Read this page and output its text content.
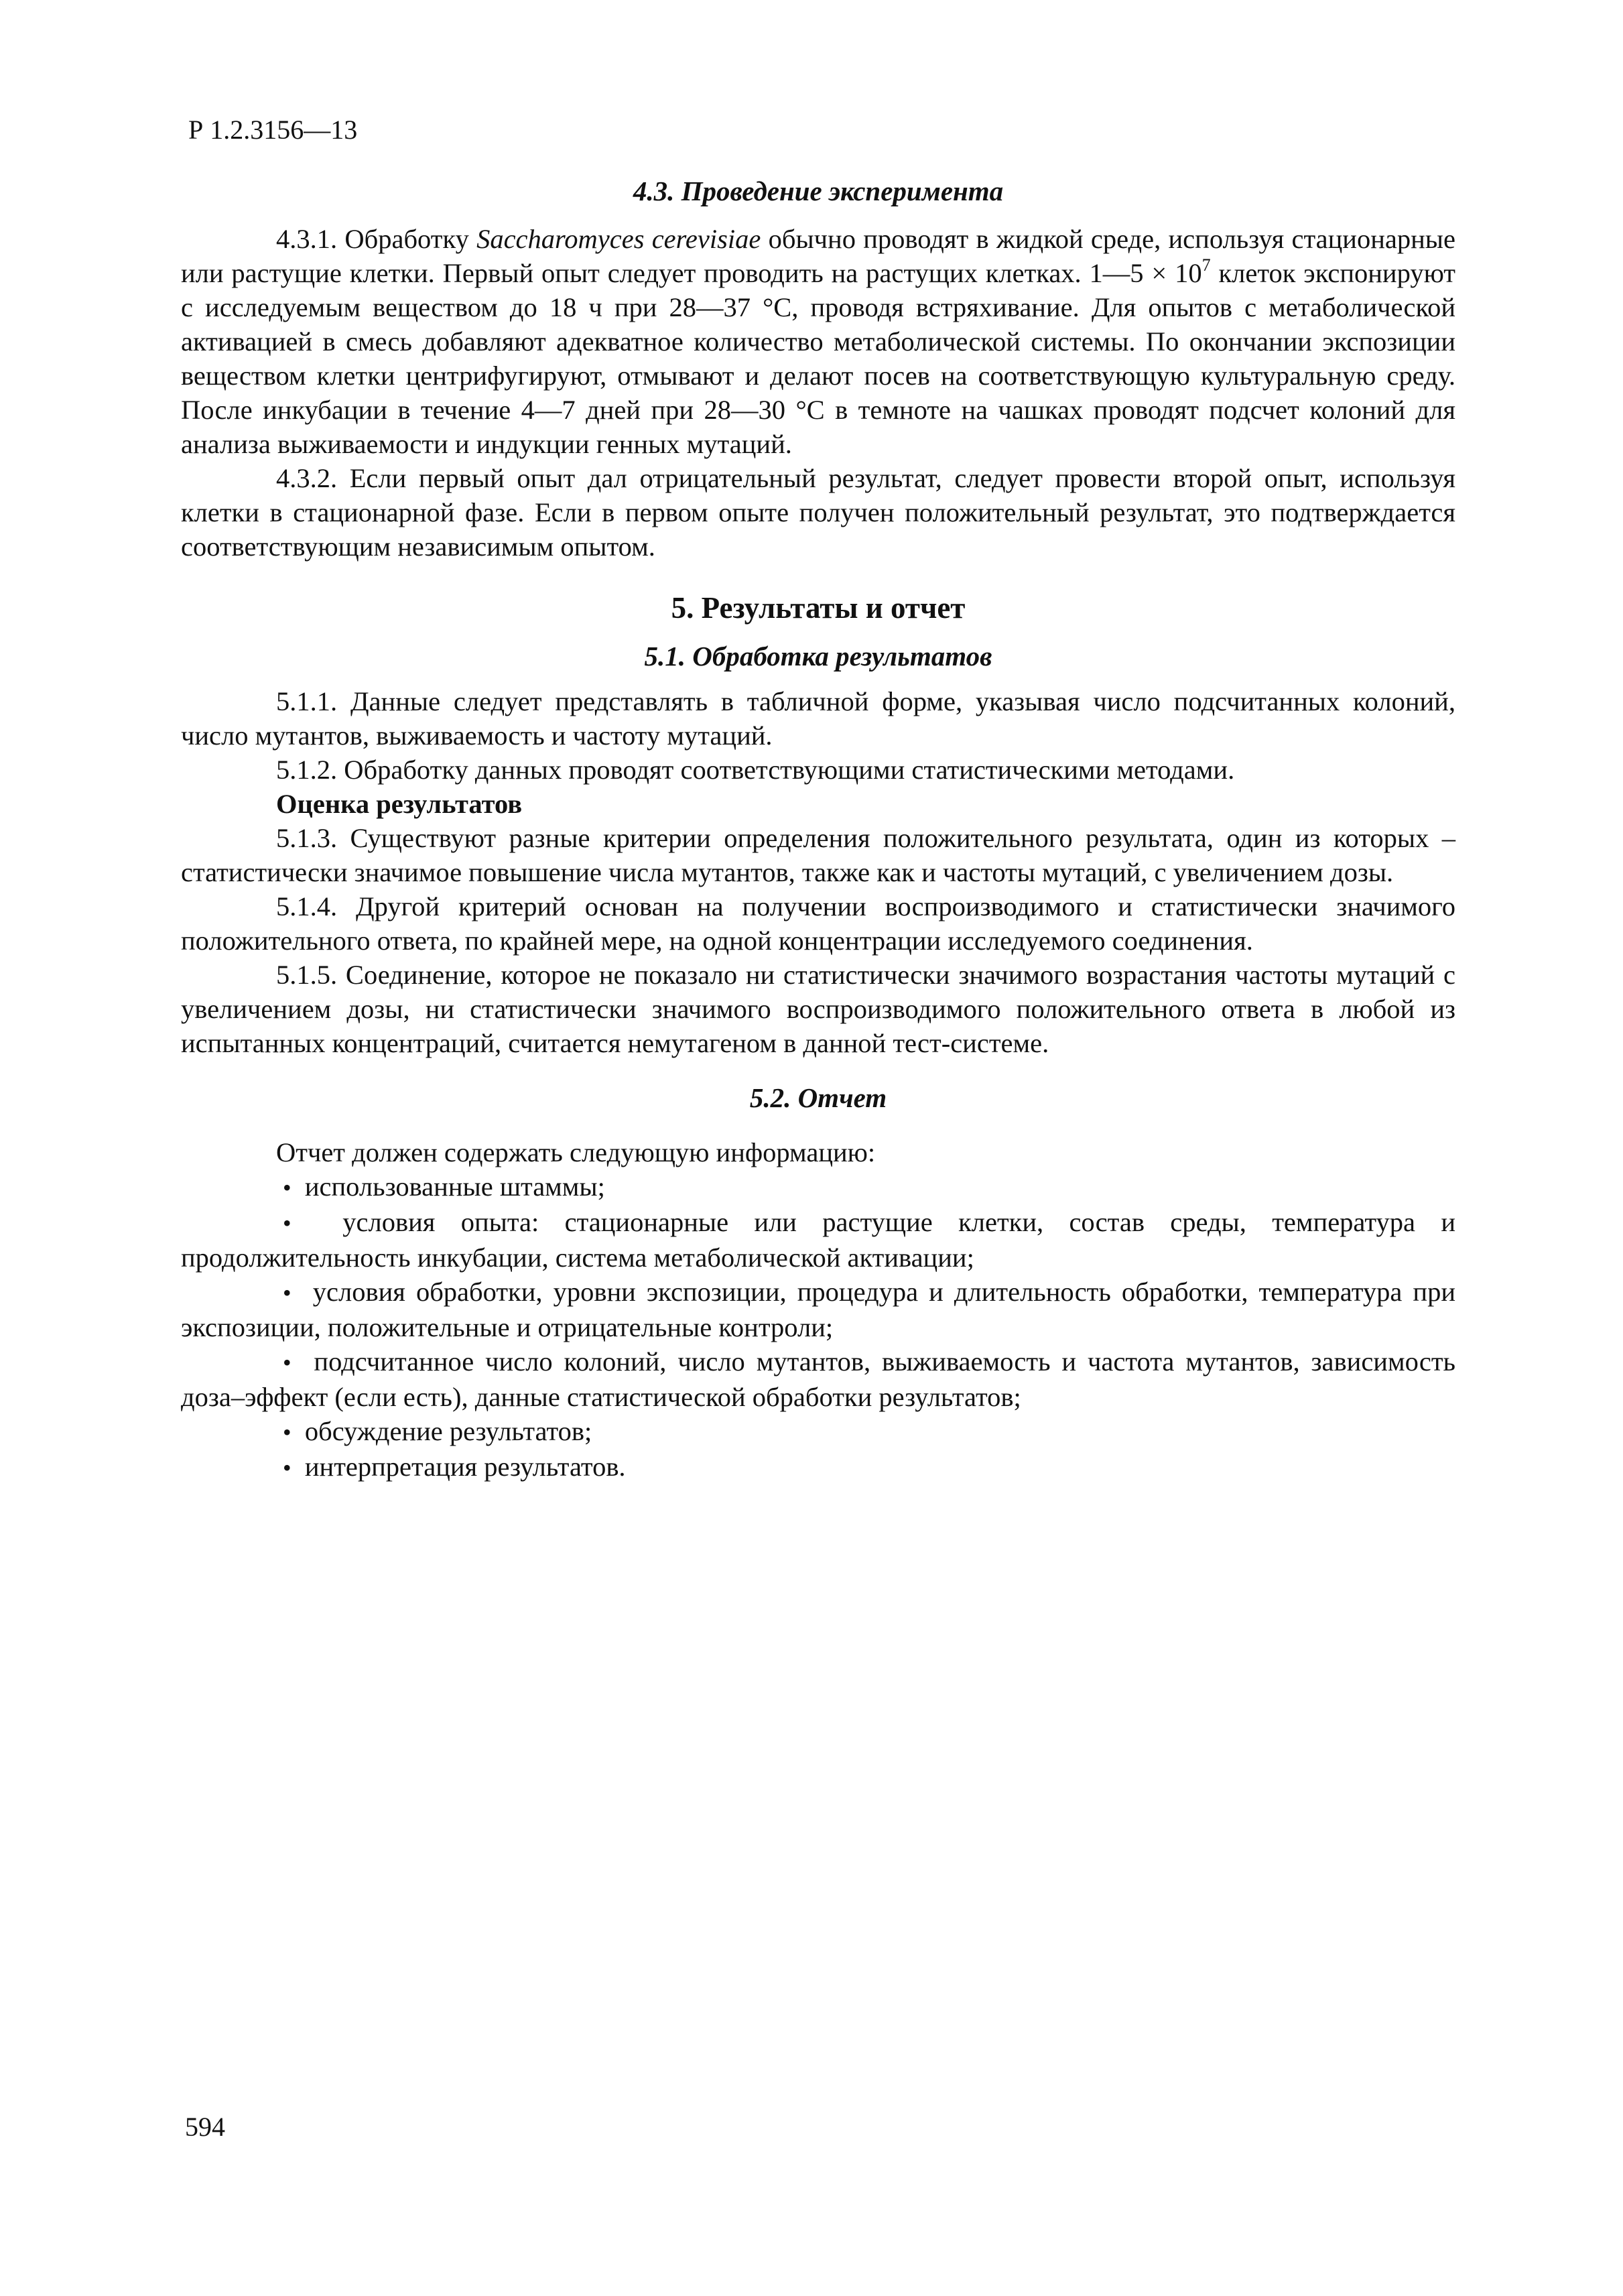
Р 1.2.3156—13

4.3. Проведение эксперимента

4.3.1. Обработку Saccharomyces cerevisiae обычно проводят в жидкой среде, используя стационарные или растущие клетки. Первый опыт следует проводить на растущих клетках. 1—5 × $10^7$ клеток экспонируют с исследуемым веществом до 18 ч при 28—37 °С, проводя встряхивание. Для опытов с метаболической активацией в смесь добавляют адекватное количество метаболической системы. По окончании экспозиции веществом клетки центрифугируют, отмывают и делают посев на соответствующую культуральную среду. После инкубации в течение 4—7 дней при 28—30 °С в темноте на чашках проводят подсчет колоний для анализа выживаемости и индукции генных мутаций.

4.3.2. Если первый опыт дал отрицательный результат, следует провести второй опыт, используя клетки в стационарной фазе. Если в первом опыте получен положительный результат, это подтверждается соответствующим независимым опытом.

5. Результаты и отчет

5.1. Обработка результатов

5.1.1. Данные следует представлять в табличной форме, указывая число подсчитанных колоний, число мутантов, выживаемость и частоту мутаций.

5.1.2. Обработку данных проводят соответствующими статистическими методами.

Оценка результатов

5.1.3. Существуют разные критерии определения положительного результата, один из которых – статистически значимое повышение числа мутантов, также как и частоты мутаций, с увеличением дозы.

5.1.4. Другой критерий основан на получении воспроизводимого и статистически значимого положительного ответа, по крайней мере, на одной концентрации исследуемого соединения.

5.1.5. Соединение, которое не показало ни статистически значимого возрастания частоты мутаций с увеличением дозы, ни статистически значимого воспроизводимого положительного ответа в любой из испытанных концентраций, считается немутагеном в данной тест-системе.

5.2. Отчет

Отчет должен содержать следующую информацию:

• использованные штаммы;

• условия опыта: стационарные или растущие клетки, состав среды, температура и продолжительность инкубации, система метаболической активации;

• условия обработки, уровни экспозиции, процедура и длительность обработки, температура при экспозиции, положительные и отрицательные контроли;

• подсчитанное число колоний, число мутантов, выживаемость и частота мутантов, зависимость доза–эффект (если есть), данные статистической обработки результатов;

• обсуждение результатов;

• интерпретация результатов.

594
